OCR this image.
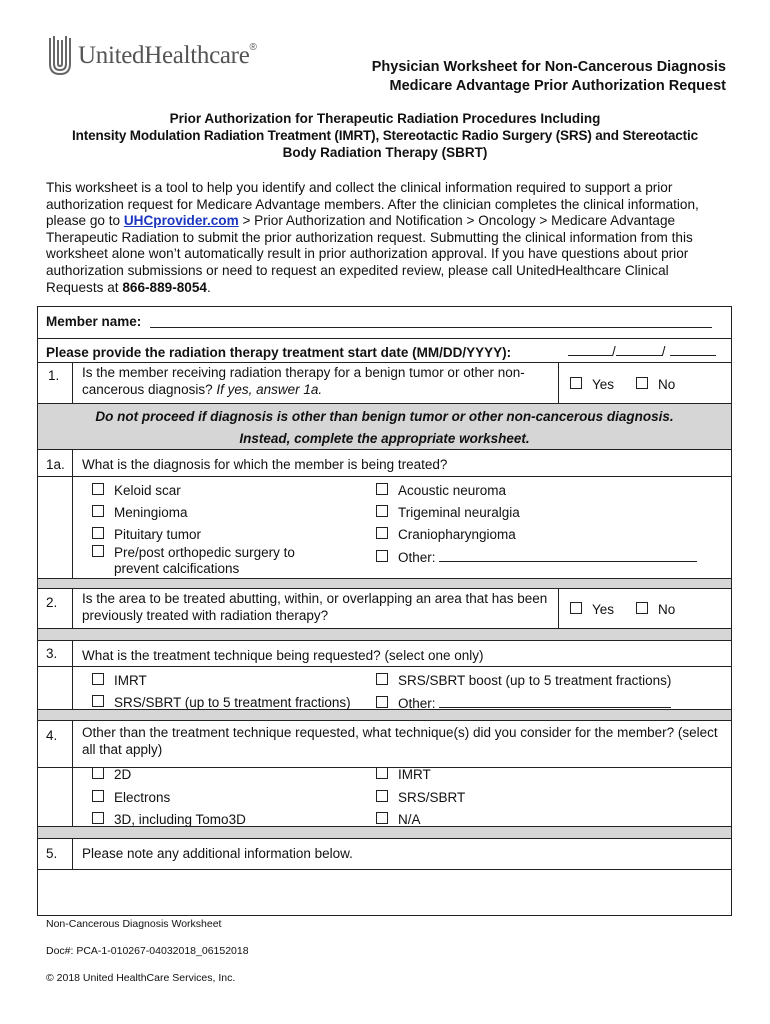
UnitedHealthcare ®
Physician Worksheet for Non-Cancerous Diagnosis
Medicare Advantage Prior Authorization Request
Prior Authorization for Therapeutic Radiation Procedures Including
Intensity Modulation Radiation Treatment (IMRT), Stereotactic Radio Surgery (SRS) and Stereotactic
Body Radiation Therapy (SBRT)
This worksheet is a tool to help you identify and collect the clinical information required to support a prior authorization request for Medicare Advantage members. After the clinician completes the clinical information, please go to UHCprovider.com > Prior Authorization and Notification > Oncology > Medicare Advantage Therapeutic Radiation to submit the prior authorization request. Submutting the clinical information from this worksheet alone won’t automatically result in prior authorization approval. If you have questions about prior authorization submissions or need to request an expedited review, please call UnitedHealthcare Clinical Requests at 866-889-8054.
Member name:
Please provide the radiation therapy treatment start date (MM/DD/YYYY):	/	/
1. Is the member receiving radiation therapy for a benign tumor or other non-cancerous diagnosis? If yes, answer 1a.	Yes	No
Do not proceed if diagnosis is other than benign tumor or other non-cancerous diagnosis.
Instead, complete the appropriate worksheet.
1a. What is the diagnosis for which the member is being treated?
Keloid scar
Meningioma
Pituitary tumor
Pre/post orthopedic surgery to
prevent calcifications
Acoustic neuroma
Trigeminal neuralgia
Craniopharyngioma
Other:
2. Is the area to be treated abutting, within, or overlapping an area that has been previously treated with radiation therapy?	Yes	No
3. What is the treatment technique being requested? (select one only)
IMRT
SRS/SBRT (up to 5 treatment fractions)
SRS/SBRT boost (up to 5 treatment fractions)
Other:
4. Other than the treatment technique requested, what technique(s) did you consider for the member? (select all that apply)
2D
Electrons
3D, including Tomo3D
IMRT
SRS/SBRT
N/A
5. Please note any additional information below.
Non-Cancerous Diagnosis Worksheet
Doc#: PCA-1-010267-04032018_06152018
© 2018 United HealthCare Services, Inc.
